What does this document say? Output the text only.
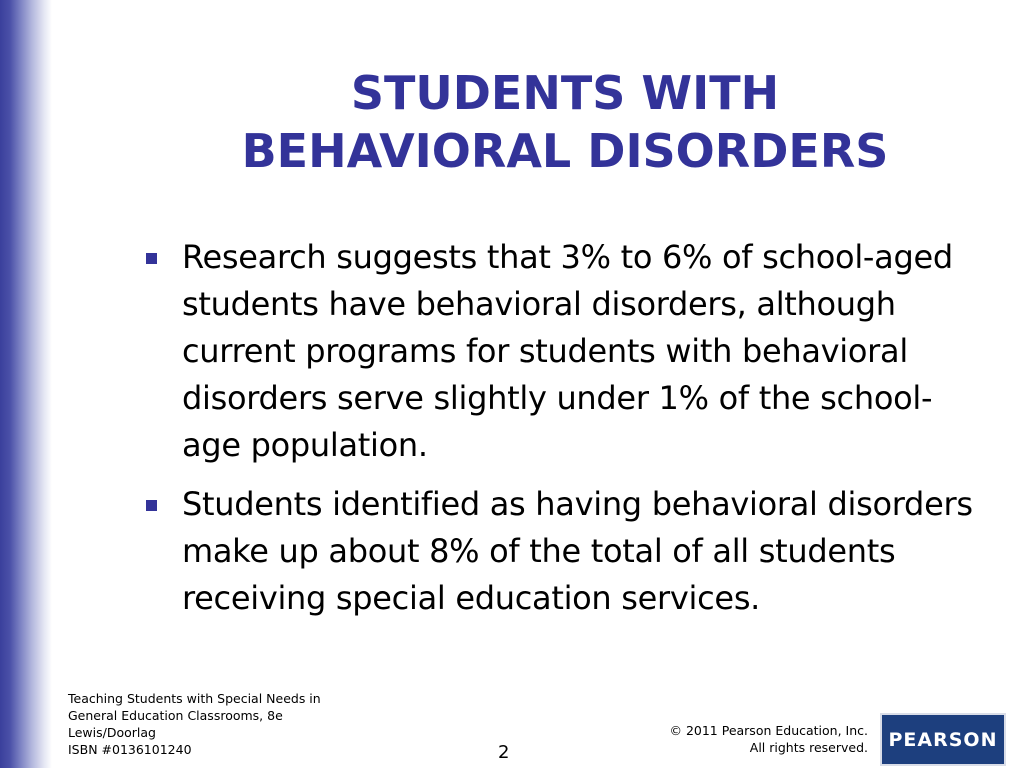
STUDENTS WITH
BEHAVIORAL DISORDERS
Research suggests that 3% to 6% of school-aged students have behavioral disorders, although current programs for students with behavioral disorders serve slightly under 1% of the school-age population.
Students identified as having behavioral disorders make up about 8% of the total of all students receiving special education services.
Teaching Students with Special Needs in
General Education Classrooms, 8e
Lewis/Doorlag
ISBN #0136101240	2
© 2011 Pearson Education, Inc.
All rights reserved. PEARSON
